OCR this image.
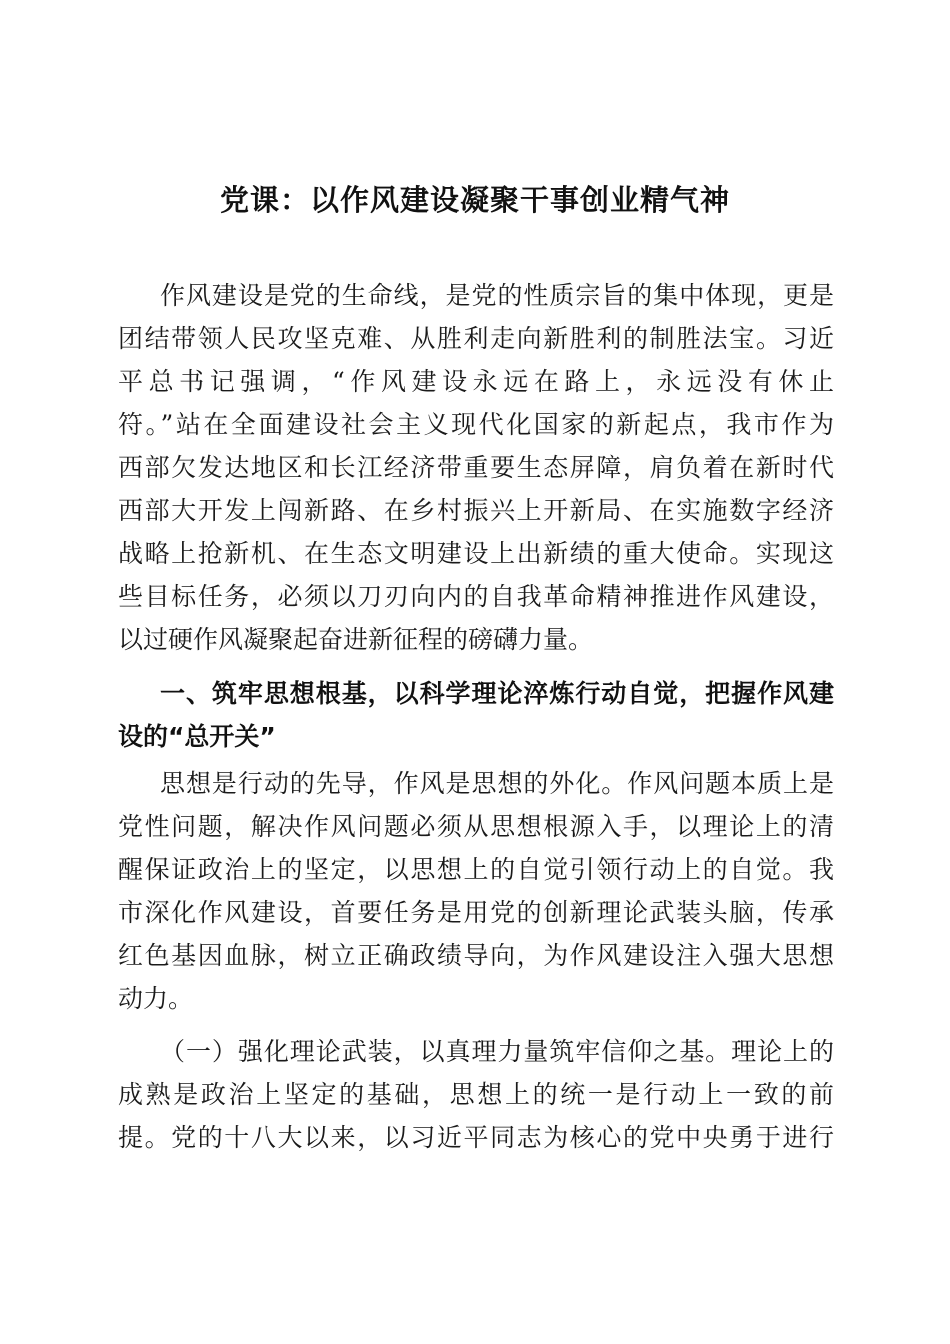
党课：以作风建设凝聚干事创业精气神
作风建设是党的生命线，是党的性质宗旨的集中体现，更是
团结带领人民攻坚克难、从胜利走向新胜利的制胜法宝。习近
平总书记强调，“作风建设永远在路上，永远没有休止
符。”站在全面建设社会主义现代化国家的新起点，我市作为
西部欠发达地区和长江经济带重要生态屏障，肩负着在新时代
西部大开发上闯新路、在乡村振兴上开新局、在实施数字经济
战略上抢新机、在生态文明建设上出新绩的重大使命。实现这
些目标任务，必须以刀刃向内的自我革命精神推进作风建设，
以过硬作风凝聚起奋进新征程的磅礴力量。
一、筑牢思想根基，以科学理论淬炼行动自觉，把握作风建
设的“总开关”
思想是行动的先导，作风是思想的外化。作风问题本质上是
党性问题，解决作风问题必须从思想根源入手，以理论上的清
醒保证政治上的坚定，以思想上的自觉引领行动上的自觉。我
市深化作风建设，首要任务是用党的创新理论武装头脑，传承
红色基因血脉，树立正确政绩导向，为作风建设注入强大思想
动力。
（一）强化理论武装，以真理力量筑牢信仰之基。理论上的
成熟是政治上坚定的基础，思想上的统一是行动上一致的前
提。党的十八大以来，以习近平同志为核心的党中央勇于进行
